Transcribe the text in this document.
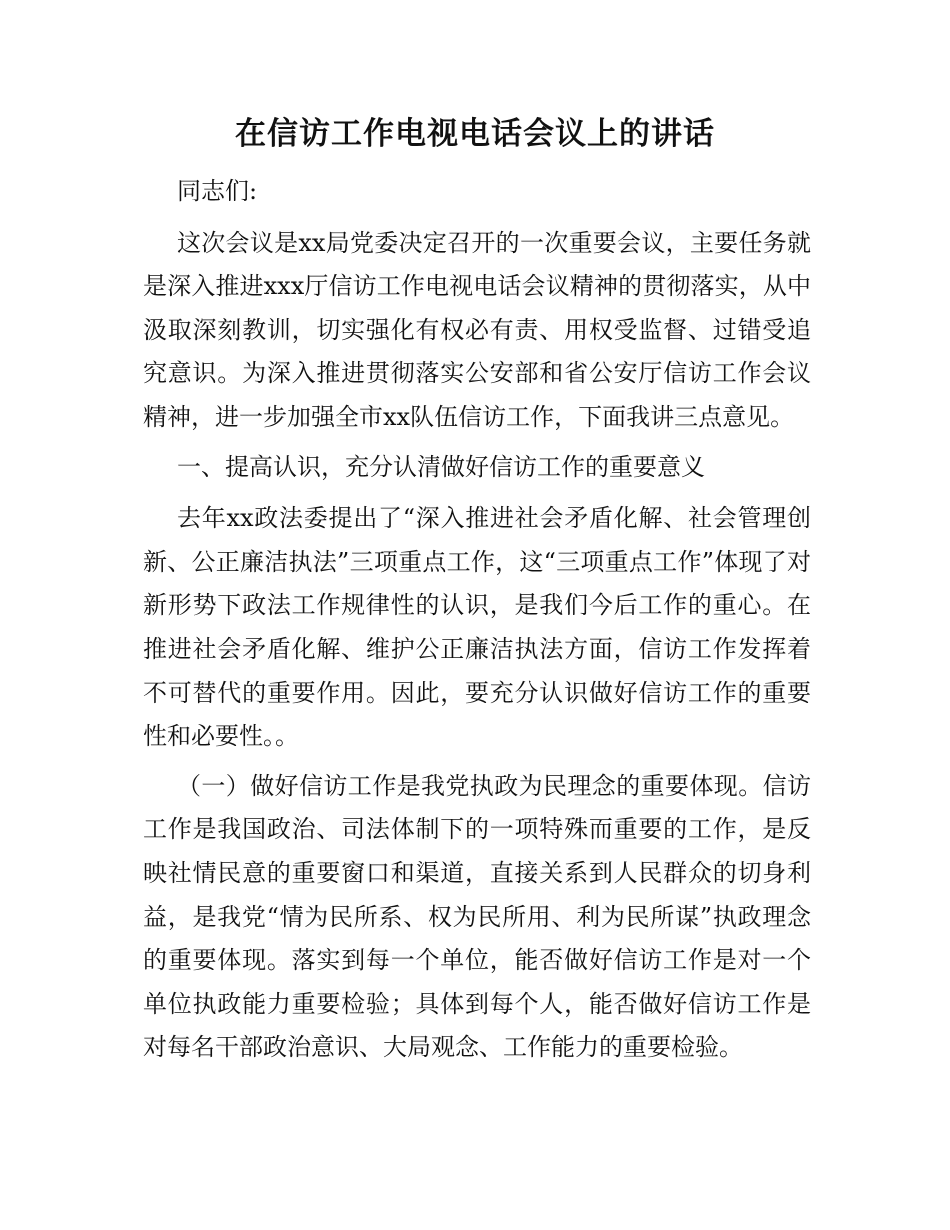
在信访工作电视电话会议上的讲话

同志们:

这次会议是xx局党委决定召开的一次重要会议，主要任务就是深入推进xxx厅信访工作电视电话会议精神的贯彻落实，从中汲取深刻教训，切实强化有权必有责、用权受监督、过错受追究意识。为深入推进贯彻落实公安部和省公安厅信访工作会议精神，进一步加强全市xx队伍信访工作，下面我讲三点意见。

一、提高认识，充分认清做好信访工作的重要意义

去年xx政法委提出了“深入推进社会矛盾化解、社会管理创新、公正廉洁执法”三项重点工作，这“三项重点工作”体现了对新形势下政法工作规律性的认识，是我们今后工作的重心。在推进社会矛盾化解、维护公正廉洁执法方面，信访工作发挥着不可替代的重要作用。因此，要充分认识做好信访工作的重要性和必要性。。

（一）做好信访工作是我党执政为民理念的重要体现。信访工作是我国政治、司法体制下的一项特殊而重要的工作，是反映社情民意的重要窗口和渠道，直接关系到人民群众的切身利益，是我党“情为民所系、权为民所用、利为民所谋”执政理念的重要体现。落实到每一个单位，能否做好信访工作是对一个单位执政能力重要检验；具体到每个人，能否做好信访工作是对每名干部政治意识、大局观念、工作能力的重要检验。
